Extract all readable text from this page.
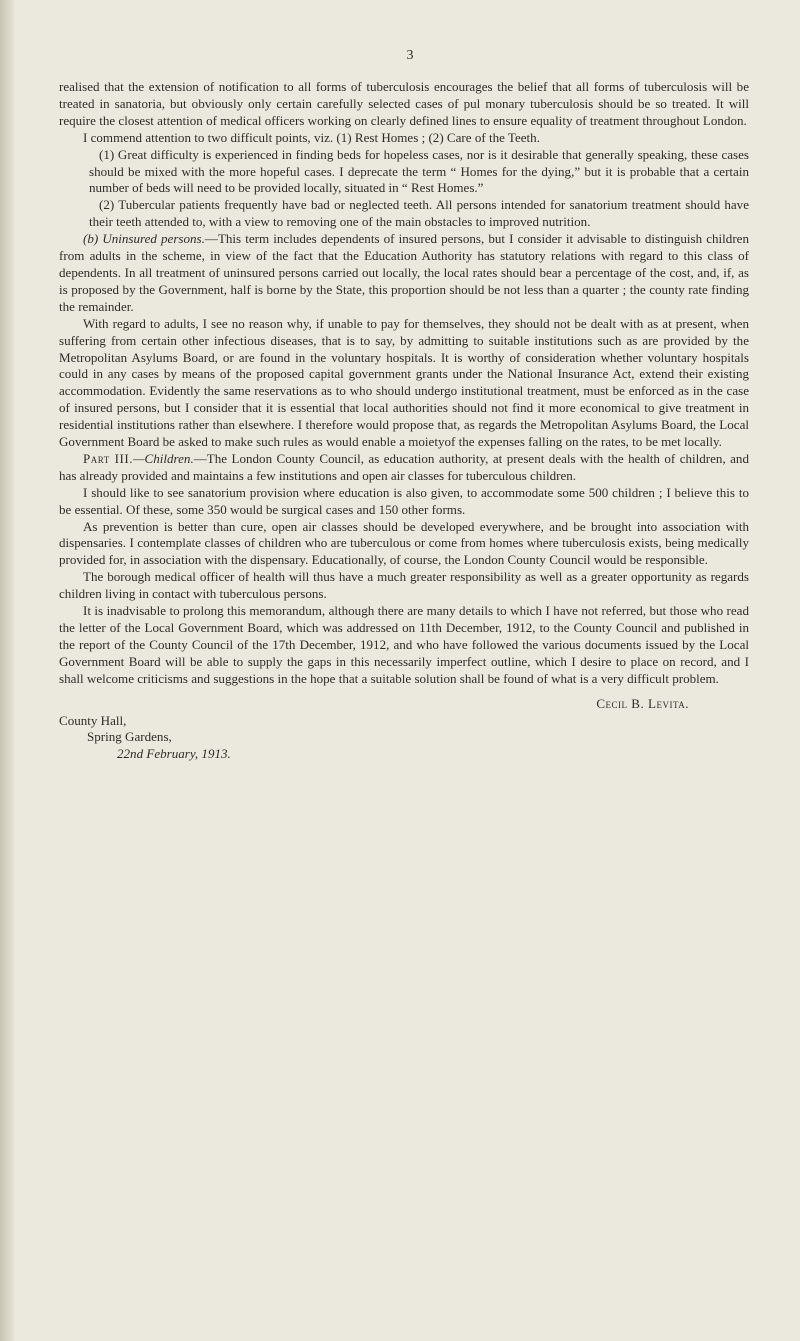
3

realised that the extension of notification to all forms of tuberculosis encourages the belief that all forms of tuberculosis will be treated in sanatoria, but obviously only certain carefully selected cases of pul monary tuberculosis should be so treated. It will require the closest attention of medical officers working on clearly defined lines to ensure equality of treatment throughout London.

I commend attention to two difficult points, viz. (1) Rest Homes ; (2) Care of the Teeth.

(1) Great difficulty is experienced in finding beds for hopeless cases, nor is it desirable that generally speaking, these cases should be mixed with the more hopeful cases. I deprecate the term “ Homes for the dying,” but it is probable that a certain number of beds will need to be provided locally, situated in “ Rest Homes.”

(2) Tubercular patients frequently have bad or neglected teeth. All persons intended for sanatorium treatment should have their teeth attended to, with a view to removing one of the main obstacles to improved nutrition.

(b) Uninsured persons.—This term includes dependents of insured persons, but I consider it advisable to distinguish children from adults in the scheme, in view of the fact that the Education Authority has statutory relations with regard to this class of dependents. In all treatment of uninsured persons carried out locally, the local rates should bear a percentage of the cost, and, if, as is proposed by the Government, half is borne by the State, this proportion should be not less than a quarter ; the county rate finding the remainder.

With regard to adults, I see no reason why, if unable to pay for themselves, they should not be dealt with as at present, when suffering from certain other infectious diseases, that is to say, by admitting to suitable institutions such as are provided by the Metropolitan Asylums Board, or are found in the voluntary hospitals. It is worthy of consideration whether voluntary hospitals could in any cases by means of the proposed capital government grants under the National Insurance Act, extend their existing accommodation. Evidently the same reservations as to who should undergo institutional treatment, must be enforced as in the case of insured persons, but I consider that it is essential that local authorities should not find it more economical to give treatment in residential institutions rather than elsewhere. I therefore would propose that, as regards the Metropolitan Asylums Board, the Local Government Board be asked to make such rules as would enable a moietyof the expenses falling on the rates, to be met locally.

Part III.—Children.—The London County Council, as education authority, at present deals with the health of children, and has already provided and maintains a few institutions and open air classes for tuberculous children.

I should like to see sanatorium provision where education is also given, to accommodate some 500 children ; I believe this to be essential. Of these, some 350 would be surgical cases and 150 other forms.

As prevention is better than cure, open air classes should be developed everywhere, and be brought into association with dispensaries. I contemplate classes of children who are tuberculous or come from homes where tuberculosis exists, being medically provided for, in association with the dispensary. Educationally, of course, the London County Council would be responsible.

The borough medical officer of health will thus have a much greater responsibility as well as a greater opportunity as regards children living in contact with tuberculous persons.

It is inadvisable to prolong this memorandum, although there are many details to which I have not referred, but those who read the letter of the Local Government Board, which was addressed on 11th December, 1912, to the County Council and published in the report of the County Council of the 17th December, 1912, and who have followed the various documents issued by the Local Government Board will be able to supply the gaps in this necessarily imperfect outline, which I desire to place on record, and I shall welcome criticisms and suggestions in the hope that a suitable solution shall be found of what is a very difficult problem.

Cecil B. Levita.

County Hall,

Spring Gardens,

22nd February, 1913.
